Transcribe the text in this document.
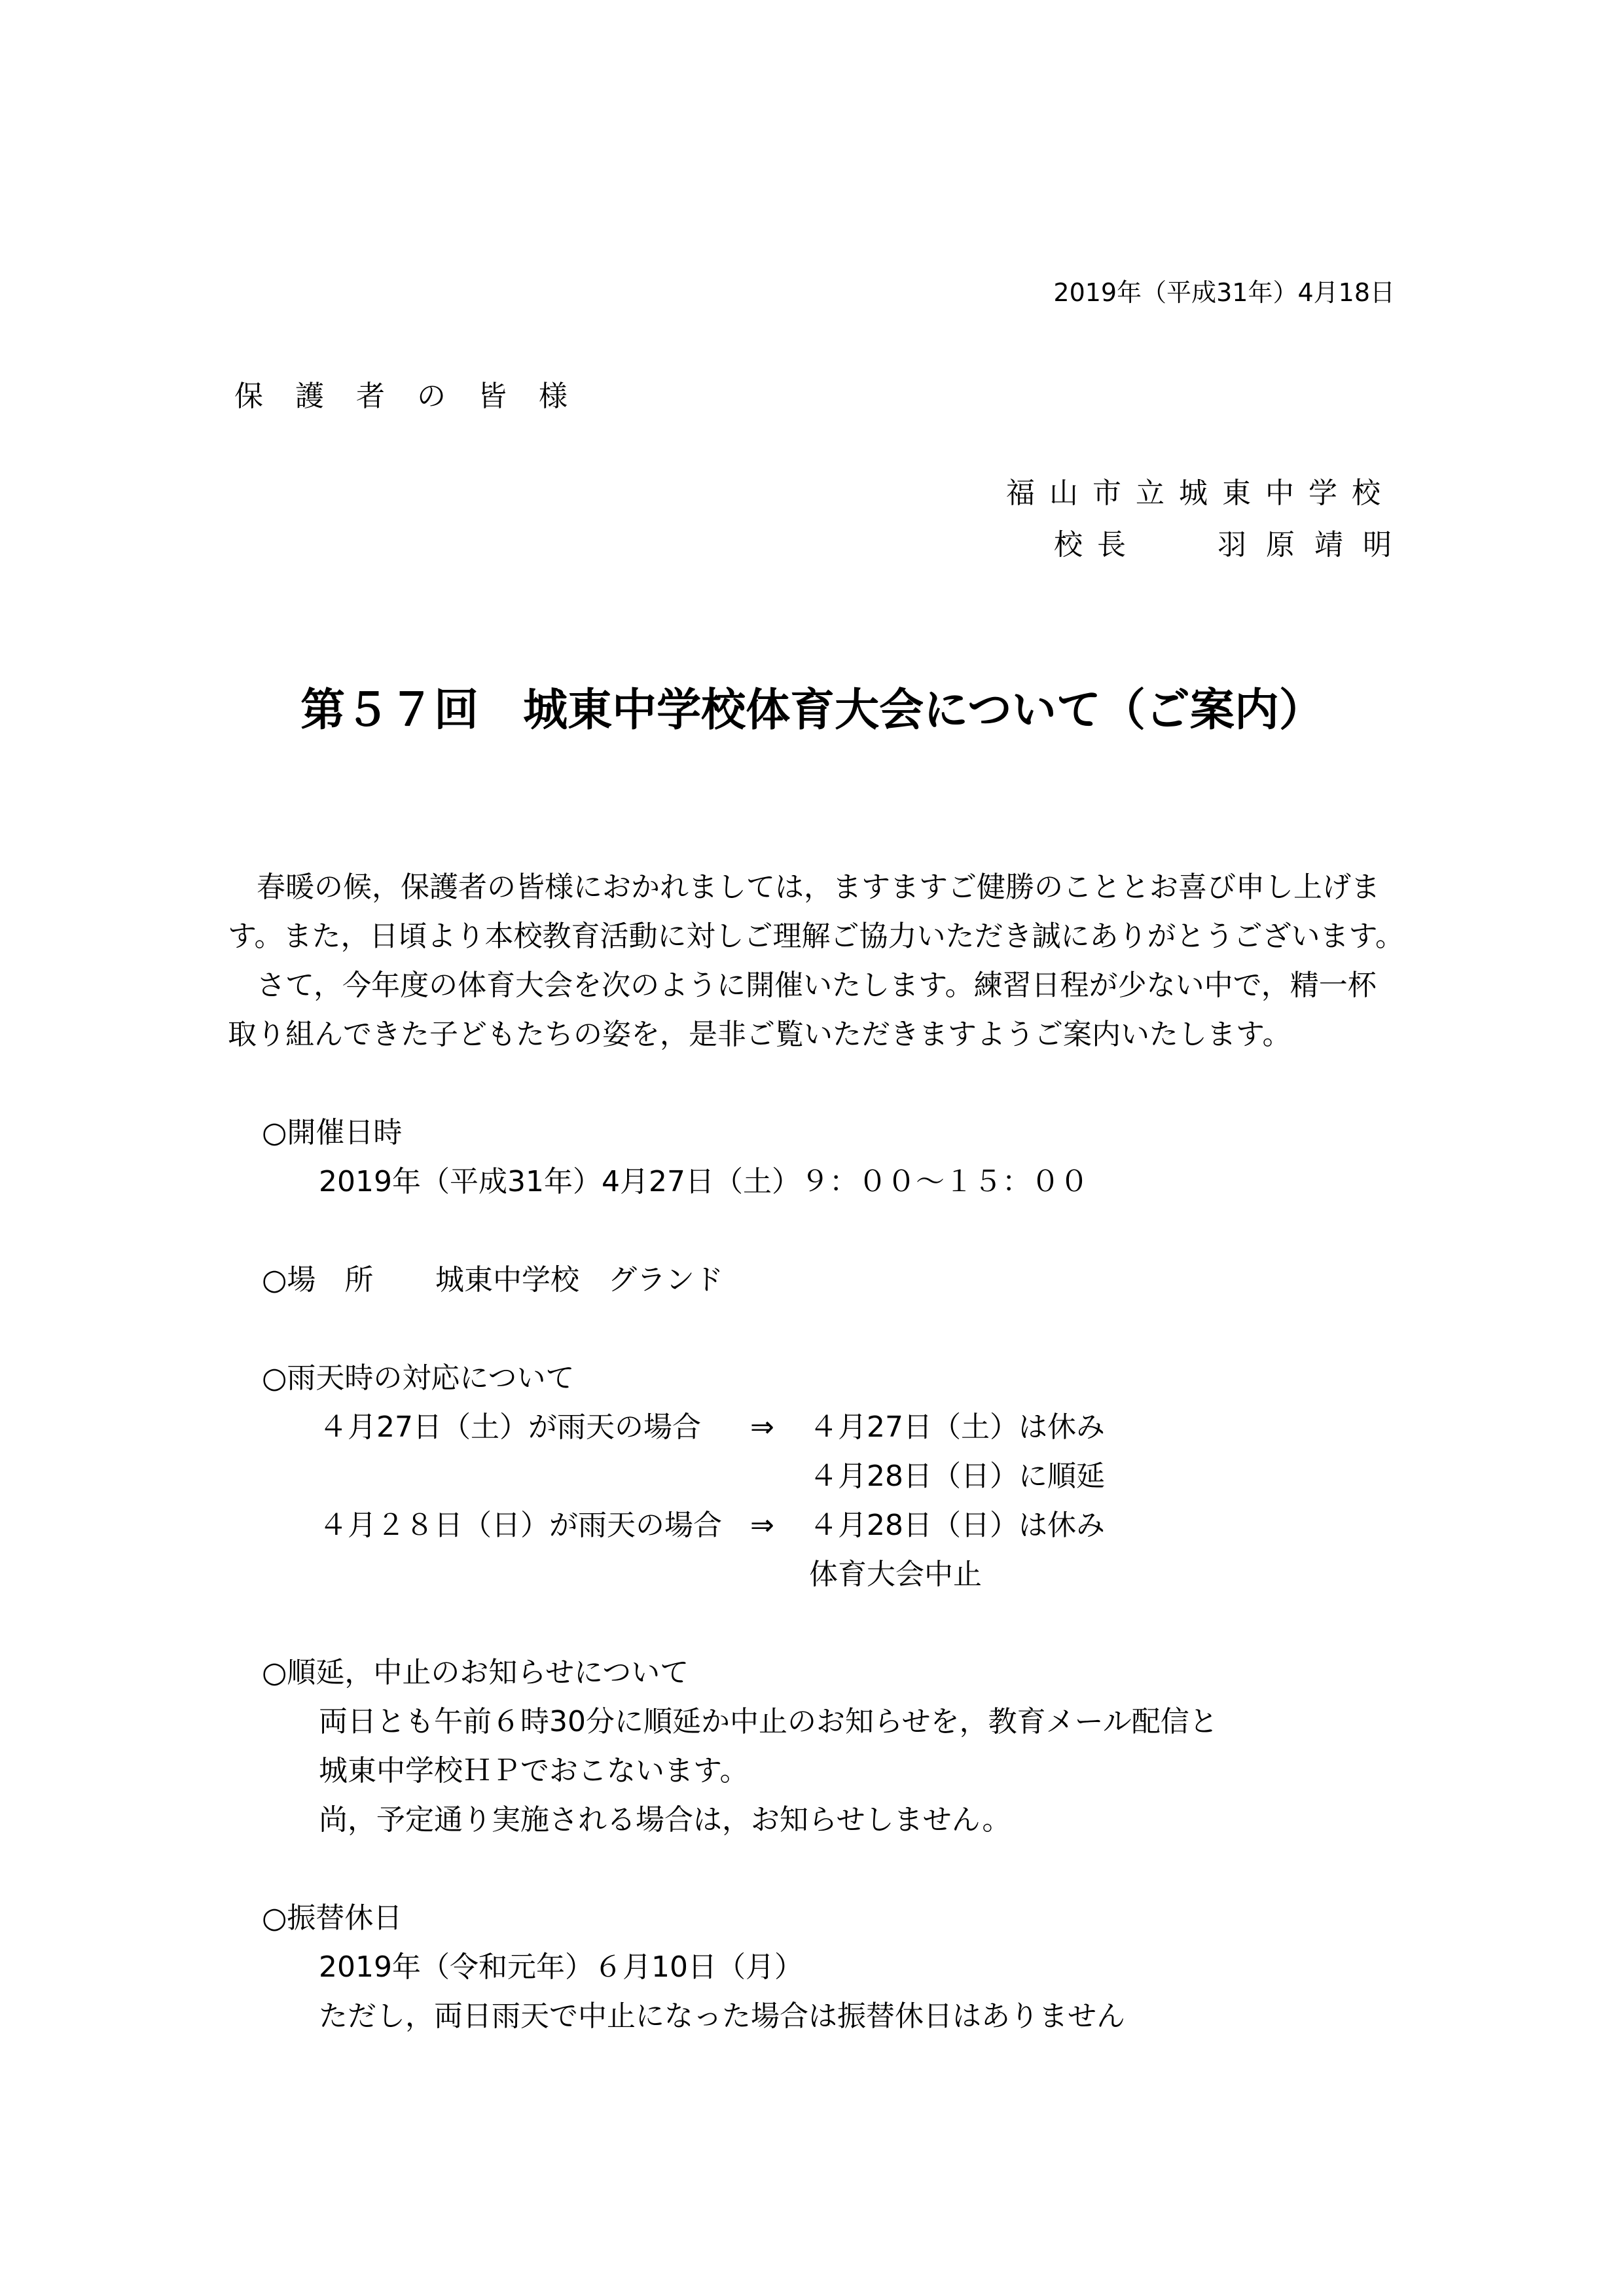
2019年（平成31年）4月18日
保護者の皆様
福山市立城東中学校
校長	羽原靖明
第５７回　城東中学校体育大会について（ご案内）
　春暖の候，保護者の皆様におかれましては，ますますご健勝のこととお喜び申し上げま
す。また，日頃より本校教育活動に対しご理解ご協力いただき誠にありがとうございます。
　さて，今年度の体育大会を次のように開催いたします。練習日程が少ない中で，精一杯
取り組んできた子どもたちの姿を，是非ご覧いただきますようご案内いたします。
○開催日時
2019年（平成31年）4月27日（土）９：００～１５：００
○場　所 城東中学校　グランド
○雨天時の対応について
４月27日（土）が雨天の場合 ⇒ ４月27日（土）は休み
４月28日（日）に順延
４月２８日（日）が雨天の場合 ⇒ ４月28日（日）は休み
体育大会中止
○順延，中止のお知らせについて
両日とも午前６時30分に順延か中止のお知らせを，教育メール配信と
城東中学校ＨＰでおこないます。
尚，予定通り実施される場合は，お知らせしません。
○振替休日
2019年（令和元年）６月10日（月）
ただし，両日雨天で中止になった場合は振替休日はありません
